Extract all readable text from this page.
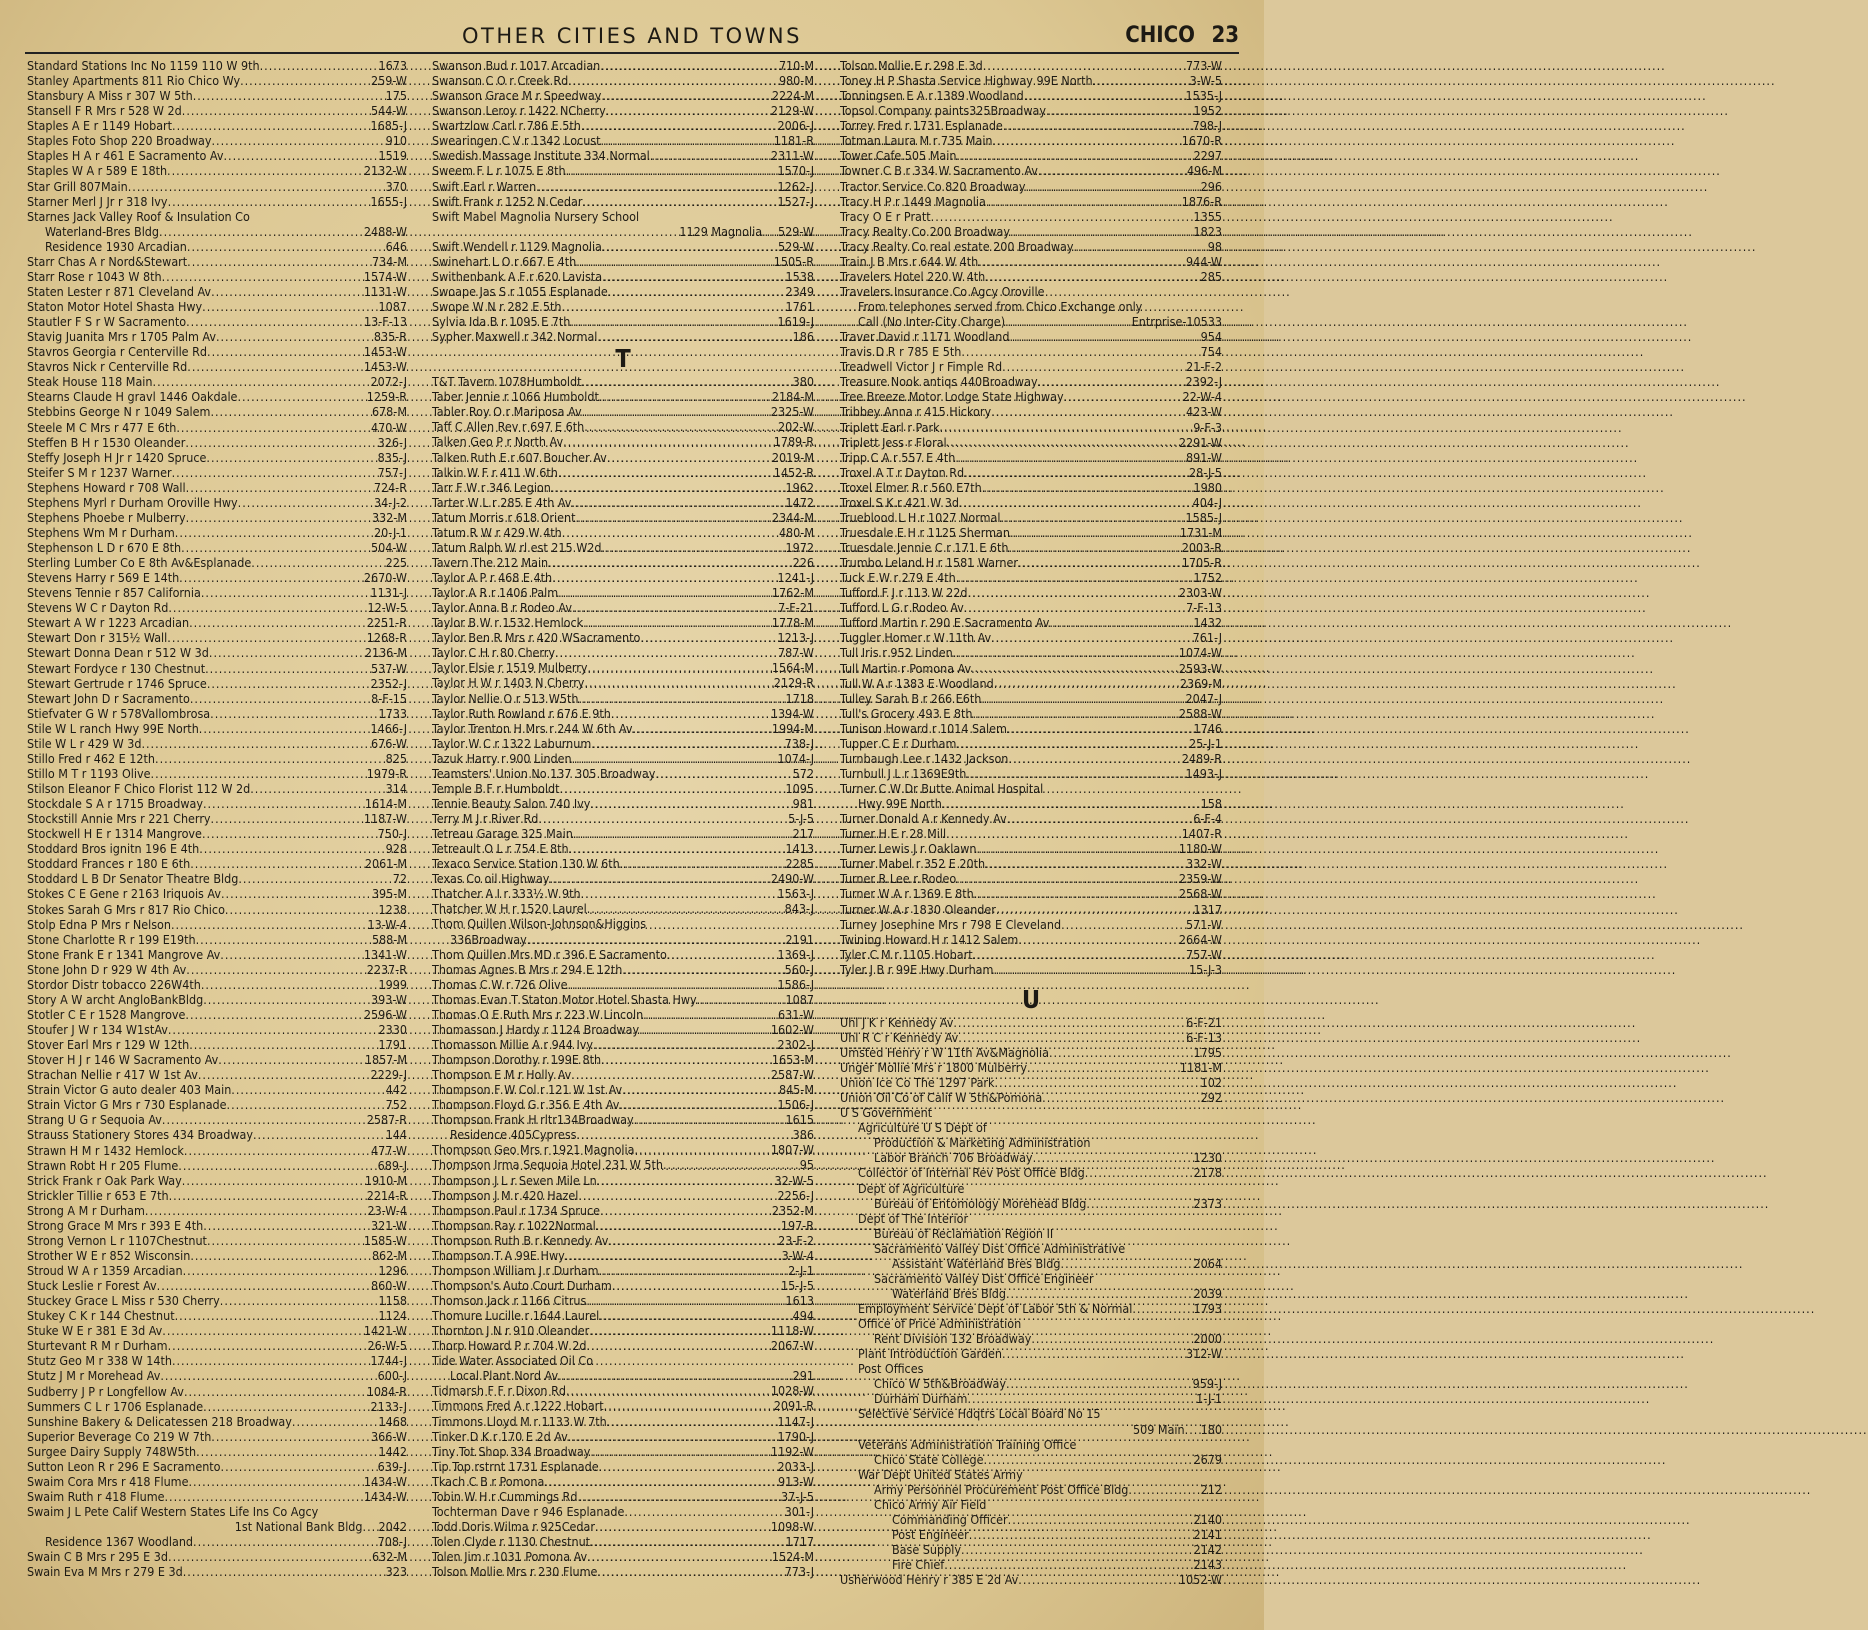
OTHER CITIES AND TOWNS	CHICO 23
Standard Stations Inc No 1159 110 W 9th .....	1673
Stanley Apartments 811 Rio Chico Wy .....	259-W
Stansbury A Miss r 307 W 5th .....	175
Stansell F R Mrs r 528 W 2d .....	544-W
Staples A E r 1149 Hobart .....	1685-J
Staples Foto Shop 220 Broadway .....	910
Staples H A r 461 E Sacramento Av .....	1519
Staples W A r 589 E 18th .....	2132-W
Star Grill 807Main .....	370
Starner Merl J Jr r 318 Ivy .....	1655-J
Starnes Jack Valley Roof & Insulation Co
Waterland-Bres Bldg .....	2488-W
Residence 1930 Arcadian .....	646
Starr Chas A r Nord&Stewart .....	734-M
Starr Rose r 1043 W 8th .....	1574-W
Staten Lester r 871 Cleveland Av .....	1131-W
Staton Motor Hotel Shasta Hwy .....	1087
Stautler F S r W Sacramento .....	13-F-13
Stavig Juanita Mrs r 1705 Palm Av .....	835-R
Stavros Georgia r Centerville Rd .....	1453-W
Stavros Nick r Centerville Rd .....	1453-W
Steak House 118 Main .....	2072-J
Stearns Claude H gravl 1446 Oakdale .....	1259-R
Stebbins George N r 1049 Salem .....	678-M
Steele M C Mrs r 477 E 6th .....	470-W
Steffen B H r 1530 Oleander .....	326-J
Steffy Joseph H Jr r 1420 Spruce .....	835-J
Steifer S M r 1237 Warner .....	757-J
Stephens Howard r 708 Wall .....	724-R
Stephens Myrl r Durham Oroville Hwy .....	34-J-2
Stephens Phoebe r Mulberry .....	332-M
Stephens Wm M r Durham .....	20-J-1
Stephenson L D r 670 E 8th .....	504-W
Sterling Lumber Co E 8th Av&Esplanade .....	225
Stevens Harry r 569 E 14th .....	2670-W
Stevens Tennie r 857 California .....	1131-J
Stevens W C r Dayton Rd .....	12-W-5
Stewart A W r 1223 Arcadian .....	2251-R
Stewart Don r 315½ Wall .....	1268-R
Stewart Donna Dean r 512 W 3d .....	2136-M
Stewart Fordyce r 130 Chestnut .....	537-W
Stewart Gertrude r 1746 Spruce .....	2352-J
Stewart John D r Sacramento .....	8-F-15
Stiefvater G W r 578Vallombrosa .....	1733
Stile W L ranch Hwy 99E North .....	1466-J
Stile W L r 429 W 3d .....	676-W
Stillo Fred r 462 E 12th .....	825
Stillo M T r 1193 Olive .....	1979-R
Stilson Eleanor F Chico Florist 112 W 2d .....	314
Stockdale S A r 1715 Broadway .....	1614-M
Stockstill Annie Mrs r 221 Cherry .....	1187-W
Stockwell H E r 1314 Mangrove .....	750-J
Stoddard Bros ignitn 196 E 4th .....	928
Stoddard Frances r 180 E 6th .....	2061-M
Stoddard L B Dr Senator Theatre Bldg .....	72
Stokes C E Gene r 2163 Iriquois Av .....	395-M
Stokes Sarah G Mrs r 817 Rio Chico .....	1238
Stolp Edna P Mrs r Nelson .....	13-W-4
Stone Charlotte R r 199 E19th .....	588-M
Stone Frank E r 1341 Mangrove Av .....	1341-W
Stone John D r 929 W 4th Av .....	2237-R
Stordor Distr tobacco 226W4th .....	1999
Story A W archt AngloBankBldg .....	393-W
Stotler C E r 1528 Mangrove .....	2596-W
Stoufer J W r 134 W1stAv .....	2330
Stover Earl Mrs r 129 W 12th .....	1791
Stover H J r 146 W Sacramento Av .....	1857-M
Strachan Nellie r 417 W 1st Av .....	2229-J
Strain Victor G auto dealer 403 Main .....	442
Strain Victor G Mrs r 730 Esplanade .....	752
Strang U G r Sequoia Av .....	2587-R
Strauss Stationery Stores 434 Broadway .....	144
Strawn H M r 1432 Hemlock .....	477-W
Strawn Robt H r 205 Flume .....	689-J
Strick Frank r Oak Park Way .....	1910-M
Strickler Tillie r 653 E 7th .....	2214-R
Strong A M r Durham .....	23-W-4
Strong Grace M Mrs r 393 E 4th .....	321-W
Strong Vernon L r 1107Chestnut .....	1585-W
Strother W E r 852 Wisconsin .....	862-M
Stroud W A r 1359 Arcadian .....	1296
Stuck Leslie r Forest Av .....	860-W
Stuckey Grace L Miss r 530 Cherry .....	1158
Stukey C K r 144 Chestnut .....	1124
Stuke W E r 381 E 3d Av .....	1421-W
Sturtevant R M r Durham .....	26-W-5
Stutz Geo M r 338 W 14th .....	1744-J
Stutz J M r Morehead Av .....	600-J
Sudberry J P r Longfellow Av .....	1084-R
Summers C L r 1706 Esplanade .....	2133-J
Sunshine Bakery & Delicatessen 218 Broadway .....	1468
Superior Beverage Co 219 W 7th .....	366-W
Surgee Dairy Supply 748W5th .....	1442
Sutton Leon R r 296 E Sacramento .....	639-J
Swaim Cora Mrs r 418 Flume .....	1434-W
Swaim Ruth r 418 Flume .....	1434-W
Swaim J L Pete Calif Western States Life Ins Co Agcy
1st National Bank Bldg ..... 2042
Residence 1367 Woodland .....	708-J
Swain C B Mrs r 295 E 3d .....	632-M
Swain Eva M Mrs r 279 E 3d .....	323
Swanson Bud r 1017 Arcadian .....	710-M
Swanson C O r Creek Rd .....	980-M
Swanson Grace M r Speedway .....	2224-M
Swanson Leroy r 1422 NCherry .....	2129-W
Swartzlow Carl r 786 E 5th .....	2006-J
Swearingen C V r 1342 Locust .....	1181-R
Swedish Massage Institute 334 Normal .....	2311-W
Sweem F L r 1075 E 8th .....	1570-J
Swift Earl r Warren .....	1262-J
Swift Frank r 1252 N Cedar .....	1527-J
Swift Mabel Magnolia Nursery School
1129 Magnolia ..... 529-W
Swift Wendell r 1129 Magnolia .....	529-W
Swinehart L O r 667 E 4th .....	1505-R
Swithenbank A F r 620 Lavista .....	1538
Swoape Jas S r 1055 Esplanade .....	2349
Swope W N r 282 E 5th .....	1761
Sylvia Ida B r 1095 E 7th .....	1619-J
Sypher Maxwell r 342 Normal .....	186
T
T&T Tavern 1078Humboldt .....	380
Taber Jennie r 1066 Humboldt .....	2184-M
Tabler Roy O r Mariposa Av .....	2325-W
Taff C Allen Rev r 697 E 6th .....	202-W
Talken Geo P r North Av .....	1789-R
Talken Ruth E r 607 Boucher Av .....	2019-M
Talkin W F r 411 W 6th .....	1452-R
Tarr F W r 346 Legion .....	1962
Tarter W L r 285 E 4th Av .....	1472
Tatum Morris r 618 Orient .....	2344-M
Tatum R W r 429 W 4th .....	480-M
Tatum Ralph W rl est 215 W2d .....	1972
Tavern The 212 Main .....	226
Taylor A P r 468 E 4th .....	1241-J
Taylor A R r 1406 Palm .....	1762-M
Taylor Anna B r Rodeo Av .....	7-F-21
Taylor B W r 1532 Hemlock .....	1778-M
Taylor Ben R Mrs r 420 WSacramento .....	1213-J
Taylor C H r 80 Cherry .....	787-W
Taylor Elsie r 1519 Mulberry .....	1564-M
Taylor H W r 1403 N Cherry .....	2129-R
Taylor Nellie O r 513 W5th .....	1718
Taylor Ruth Rowland r 676 E 9th .....	1394-W
Taylor Trenton H Mrs r 244 W 6th Av .....	1994-M
Taylor W C r 1322 Laburnum .....	738-J
Tazuk Harry r 900 Linden .....	1074-J
Teamsters' Union No 137 305 Broadway .....	572
Temple B F r Humboldt .....	1095
Tennie Beauty Salon 740 Ivy .....	981
Terry M J r River Rd .....	5-J-5
Tetreau Garage 325 Main .....	217
Tetreault O L r 754 E 8th .....	1413
Texaco Service Station 130 W 6th .....	2285
Texas Co oil Highway .....	2490-W
Thatcher A I r 333½ W 9th .....	1563-J
Thatcher W H r 1520 Laurel .....	843-J
Thom Quillen Wilson-Johnson&Higgins
336Broadway .....	2191
Thom Quillen Mrs MD r 396 E Sacramento .....	1369-J
Thomas Agnes B Mrs r 294 E 12th .....	560-J
Thomas C W r 726 Olive .....	1586-J
Thomas Evan T Staton Motor Hotel Shasta Hwy .....	1087
Thomas O E Ruth Mrs r 223 W Lincoln .....	631-W
Thomasson J Hardy r 1124 Broadway .....	1602-W
Thomasson Millie A r 944 Ivy .....	2302-J
Thompson Dorothy r 199E 8th .....	1653-M
Thompson E M r Holly Av .....	2587-W
Thompson F W Col r 121 W 1st Av .....	845-M
Thompson Floyd G r 356 E 4th Av .....	1506-J
Thompson Frank H rltr134Broadway .....	1615
Residence 405Cypress .....	386
Thompson Geo Mrs r 1921 Magnolia .....	1807-W
Thompson Irma Sequoia Hotel 231 W 5th .....	95
Thompson J L r Seven Mile Ln .....	32-W-5
Thompson J M r 420 Hazel .....	2256-J
Thompson Paul r 1734 Spruce .....	2352-M
Thompson Ray r 1022Normal .....	197-R
Thompson Ruth B r Kennedy Av .....	23-F-2
Thompson T A 99E Hwy .....	3-W-4
Thompson William J r Durham .....	2-J-1
Thompson's Auto Court Durham .....	15-J-5
Thomson Jack r 1166 Citrus .....	1613
Thomure Lucille r 1644 Laurel .....	494
Thornton J N r 910 Oleander .....	1118-W
Thorp Howard P r 704 W 2d .....	2067-W
Tide Water Associated Oil Co
Local Plant Nord Av .....	291
Tidmarsh F F r Dixon Rd .....	1028-W
Timmons Fred A r 1222 Hobart .....	2091-R
Timmons Lloyd M r 1133 W 7th .....	1147-J
Tinker D K r 170 E 2d Av .....	1790-J
Tiny Tot Shop 334 Broadway .....	1192-W
Tip Top rstrnt 1731 Esplanade .....	2033-J
Tkach C B r Pomona .....	913-W
Tobin W H r Cummings Rd .....	37-J-5
Tochterman Dave r 946 Esplanade .....	301-J
Todd Doris Wilma r 925Cedar .....	1098-W
Tolen Clyde r 1130 Chestnut .....	1717
Tolen Jim r 1031 Pomona Av .....	1524-M
Tolson Mollie Mrs r 230 Flume .....	773-J
Tolson Mollie E r 298 E 3d .....	773-W
Toney H P Shasta Service Highway 99E North .....	3-W-5
Tonningsen E A r 1389 Woodland .....	1535-J
Topsol Company paints325Broadway .....	1952
Torrey Fred r 1731 Esplanade .....	798-J
Totman Laura M r 735 Main .....	1670-R
Tower Cafe 505 Main .....	2297
Towner C B r 334 W Sacramento Av .....	496-M
Tractor Service Co 820 Broadway .....	296
Tracy H P r 1449 Magnolia .....	1876-R
Tracy O E r Pratt .....	1355
Tracy Realty Co 200 Broadway .....	1823
Tracy Realty Co real estate 200 Broadway .....	98
Train J B Mrs r 644 W 4th .....	944-W
Travelers Hotel 220 W 4th .....	285
Travelers Insurance Co Agcy Oroville
From telephones served from Chico Exchange only
Call (No Inter-City Charge) .....	Entrprise-10533
Traver David r 1171 Woodland .....	954
Travis D R r 785 E 5th .....	754
Treadwell Victor J r Fimple Rd .....	21-F-2
Treasure Nook antiqs 440Broadway .....	2392-J
Tree Breeze Motor Lodge State Highway .....	22-W-4
Tribbey Anna r 415 Hickory .....	423-W
Triplett Earl r Park .....	9-F-3
Triplett Jess r Floral .....	2291-W
Tripp C A r 557 E 4th .....	891-W
Troxel A T r Dayton Rd .....	28-J-5
Troxel Elmer R r 560 E7th .....	1980
Troxel S K r 421 W 3d .....	404-J
Trueblood L H r 1027 Normal .....	1585-J
Truesdale E H r 1125 Sherman .....	1731-M
Truesdale Jennie C r 171 E 6th .....	2003-R
Trumbo Leland H r 1581 Warner .....	1705-R
Tuck E W r 279 E 4th .....	1752
Tufford F J r 113 W 22d .....	2303-W
Tufford L G r Rodeo Av .....	7-F-13
Tufford Martin r 290 E Sacramento Av .....	1432
Tuggler Homer r W 11th Av .....	761-J
Tull Iris r 952 Linden .....	1074-W
Tull Martin r Pomona Av .....	2593-W
Tull W A r 1383 E Woodland .....	2369-M
Tulley Sarah B r 266 E6th .....	2047-J
Tull's Grocery 493 E 8th .....	2588-W
Tunison Howard r 1014 Salem .....	1746
Tupper C E r Durham .....	25-J-1
Turnbaugh Lee r 1432 Jackson .....	2489-R
Turnbull J L r 1369E9th .....	1493-J
Turner C W Dr Butte Animal Hospital
Hwy 99E North .....	158
Turner Donald A r Kennedy Av .....	6-F-4
Turner H E r 28 Mill .....	1407-R
Turner Lewis J r Oaklawn .....	1180-W
Turner Mabel r 352 E 20th .....	332-W
Turner R Lee r Rodeo .....	2359-W
Turner W A r 1369 E 8th .....	2568-W
Turner W A r 1830 Oleander .....	1317
Turney Josephine Mrs r 798 E Cleveland .....	571-W
Twining Howard H r 1412 Salem .....	2664-W
Tyler C M r 1105 Hobart .....	757-W
Tyler J B r 99E Hwy Durham .....	15-J-3
U
Uhl J K r Kennedy Av .....	6-F-21
Uhl R C r Kennedy Av .....	6-F-13
Umsted Henry r W 11th Av&Magnolia .....	1795
Unger Mollie Mrs r 1800 Mulberry .....	1181-M
Union Ice Co The 1297 Park .....	102
Union Oil Co of Calif W 5th&Pomona .....	292
U S Government
Agriculture U S Dept of
Production & Marketing Administration
Labor Branch 706 Broadway .....	1230
Collector of Internal Rev Post Office Bldg .....	2178
Dept of Agriculture
Bureau of Entomology Morehead Bldg .....	2373
Dept of The Interior
Bureau of Reclamation Region II
Sacramento Valley Dist Office Administrative
Assistant Waterland Bres Bldg .....	2064
Sacramento Valley Dist Office Engineer
Waterland Bres Bldg .....	2039
Employment Service Dept of Labor 5th & Normal .....	1793
Office of Price Administration
Rent Division 132 Broadway .....	2000
Plant Introduction Garden .....	312-W
Post Offices
Chico W 5th&Broadway .....	959-J
Durham Durham .....	1-J-1
Selective Service Hdqtrs Local Board No 15
509 Main ..... 180
Veterans Administration Training Office
Chico State College .....	2679
War Dept United States Army
Army Personnel Procurement Post Office Bldg .....	212
Chico Army Air Field
Commanding Officer .....	2140
Post Engineer .....	2141
Base Supply .....	2142
Fire Chief .....	2143
Usherwood Henry r 385 E 2d Av .....	1052-W
